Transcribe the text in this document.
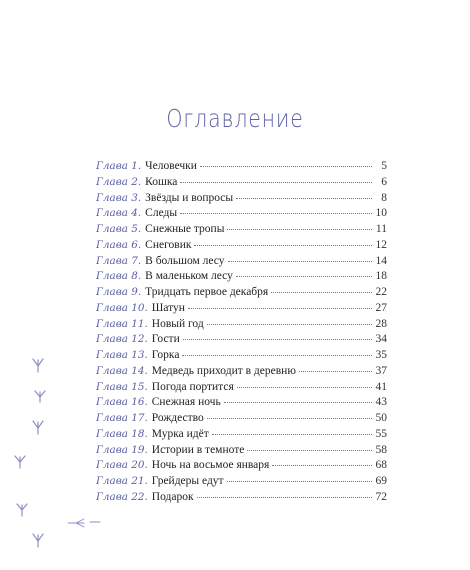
Оглавление
Глава 1. Человечки	5
Глава 2. Кошка	6
Глава 3. Звёзды и вопросы	8
Глава 4. Следы	10
Глава 5. Снежные тропы	11
Глава 6. Снеговик	12
Глава 7. В большом лесу	14
Глава 8. В маленьком лесу	18
Глава 9. Тридцать первое декабря	22
Глава 10. Шатун	27
Глава 11. Новый год	28
Глава 12. Гости	34
Глава 13. Горка	35
Глава 14. Медведь приходит в деревню	37
Глава 15. Погода портится	41
Глава 16. Снежная ночь	43
Глава 17. Рождество	50
Глава 18. Мурка идёт	55
Глава 19. Истории в темноте	58
Глава 20. Ночь на восьмое января	68
Глава 21. Грейдеры едут	69
Глава 22. Подарок	72
